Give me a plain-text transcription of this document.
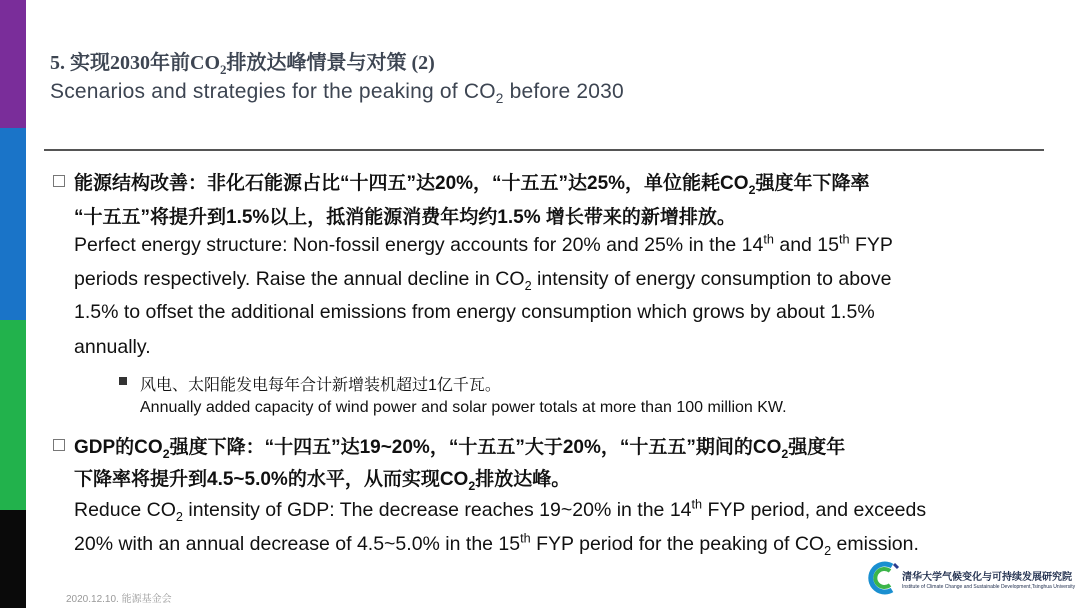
5. 实现2030年前$CO_2$排放达峰情景与对策 (2)
Scenarios and strategies for the peaking of $CO_2$ before 2030
能源结构改善：非化石能源占比“十四五”达20%，“十五五”达25%，单位能耗$CO_2$强度年下降率
“十五五”将提升到1.5%以上，抵消能源消费年均约1.5% 增长带来的新增排放。
Perfect energy structure: Non-fossil energy accounts for 20% and 25% in the 14th and 15th FYP
periods respectively. Raise the annual decline in $CO_2$ intensity of energy consumption to above
1.5% to offset the additional emissions from energy consumption which grows by about 1.5%
annually.
风电、太阳能发电每年合计新增装机超过1亿千瓦。
Annually added capacity of wind power and solar power totals at more than 100 million KW.
GDP的$CO_2$强度下降：“十四五”达19~20%，“十五五”大于20%，“十五五”期间的$CO_2$强度年
下降率将提升到4.5~5.0%的水平，从而实现$CO_2$排放达峰。
Reduce $CO_2$ intensity of GDP: The decrease reaches 19~20% in the 14th FYP period, and exceeds
20% with an annual decrease of 4.5~5.0% in the 15th FYP period for the peaking of $CO_2$ emission.
2020.12.10. 能源基金会
清华大学气候变化与可持续发展研究院
Institute of Climate Change and Sustainable Development,Tsinghua University
